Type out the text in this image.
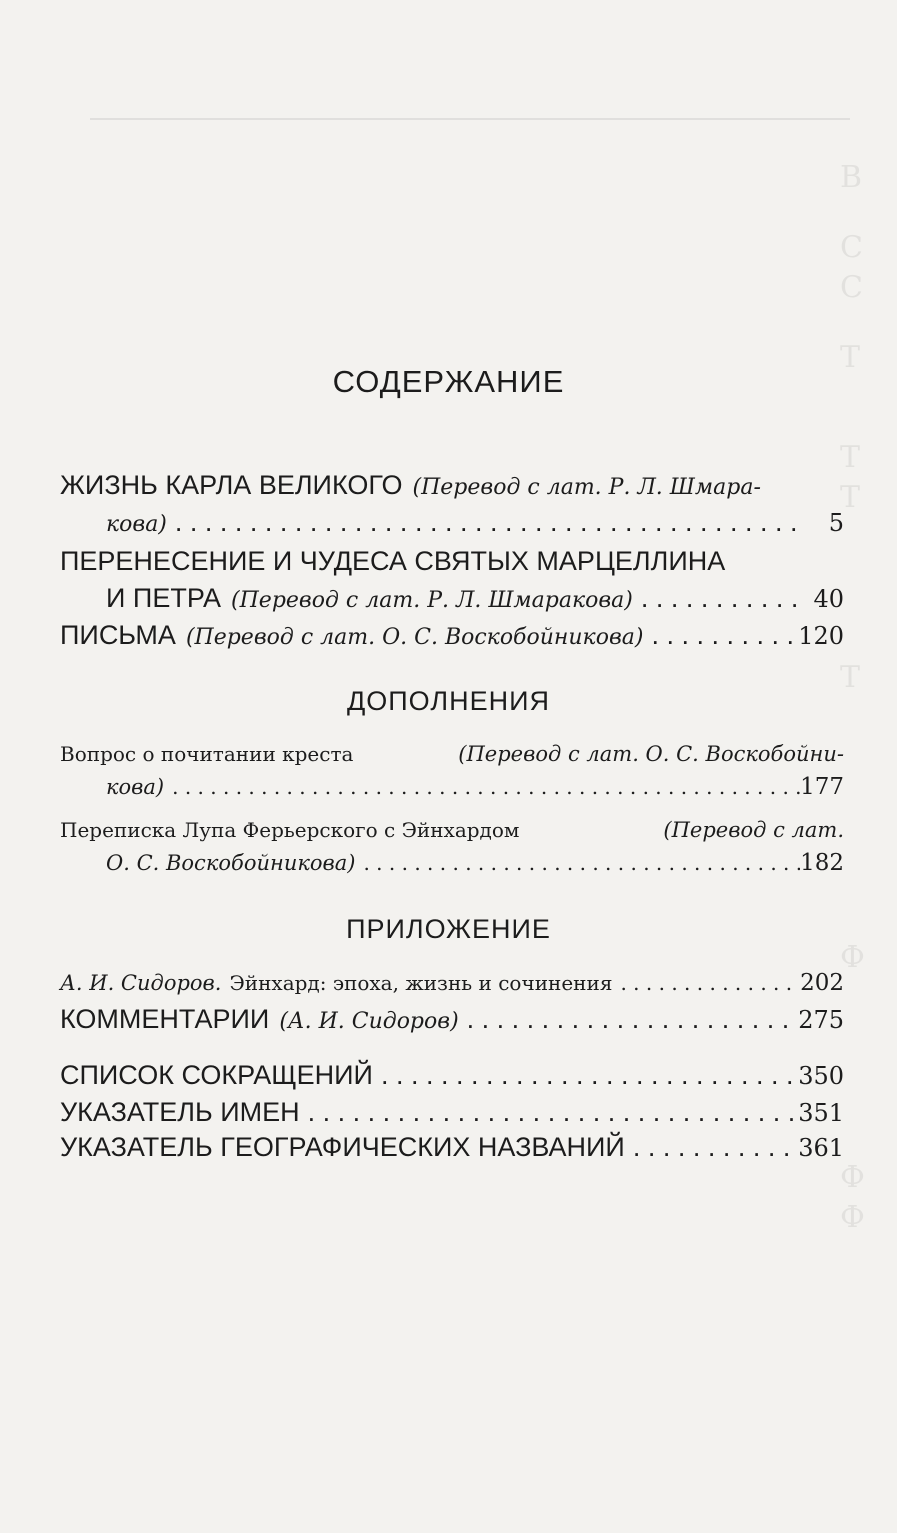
В
С
С
Т
Т
Т
Т
Ф
Ф
Ф
СОДЕРЖАНИЕ
ЖИЗНЬ КАРЛА ВЕЛИКОГО (Перевод с лат. Р. Л. Шмара-
кова) . . .	5
ПЕРЕНЕСЕНИЕ И ЧУДЕСА СВЯТЫХ МАРЦЕЛЛИНА
И ПЕТРА (Перевод с лат. Р. Л. Шмаракова) . . .	40
ПИСЬМА (Перевод с лат. О. С. Воскобойникова) . . .	120
ДОПОЛНЕНИЯ
Вопрос о почитании креста	(Перевод с лат. О. С. Воскобойни-
кова) . . .	177
Переписка Лупа Ферьерского с Эйнхардом	(Перевод с лат.
О. С. Воскобойникова) . . .	182
ПРИЛОЖЕНИЕ
А. И. Сидоров. Эйнхард: эпоха, жизнь и сочинения . . .	202
КОММЕНТАРИИ (А. И. Сидоров) . . .	275
СПИСОК СОКРАЩЕНИЙ . . .	350
УКАЗАТЕЛЬ ИМЕН . . .	351
УКАЗАТЕЛЬ ГЕОГРАФИЧЕСКИХ НАЗВАНИЙ . . .	361
